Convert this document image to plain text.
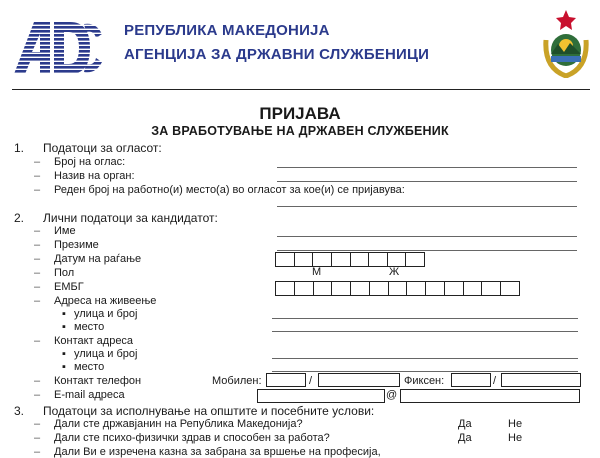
РЕПУБЛИКА МАКЕДОНИЈА
АГЕНЦИЈА ЗА ДРЖАВНИ СЛУЖБЕНИЦИ
ПРИЈАВА
ЗА ВРАБОТУВАЊЕ НА ДРЖАВЕН СЛУЖБЕНИК
1. Податоци за огласот:
– Број на оглас:
– Назив на орган:
– Реден број на работно(и) место(а) во огласот за кое(и) се пријавува:
2. Лични податоци за кандидатот:
– Име
– Презиме
– Датум на раѓање
– Пол	М	Ж
– ЕМБГ
– Адреса на живеење
▪ улица и број
▪ место
– Контакт адреса
▪ улица и број
▪ место
– Контакт телефон	Мобилен:	/	Фиксен:	/
– E-mail адреса	@
3. Податоци за исполнување на општите и посебните услови:
– Дали сте државјанин на Република Македонија?	Да	Не
– Дали сте психо-физички здрав и способен за работа?	Да	Не
– Дали Ви е изречена казна за забрана за вршење на професија,
